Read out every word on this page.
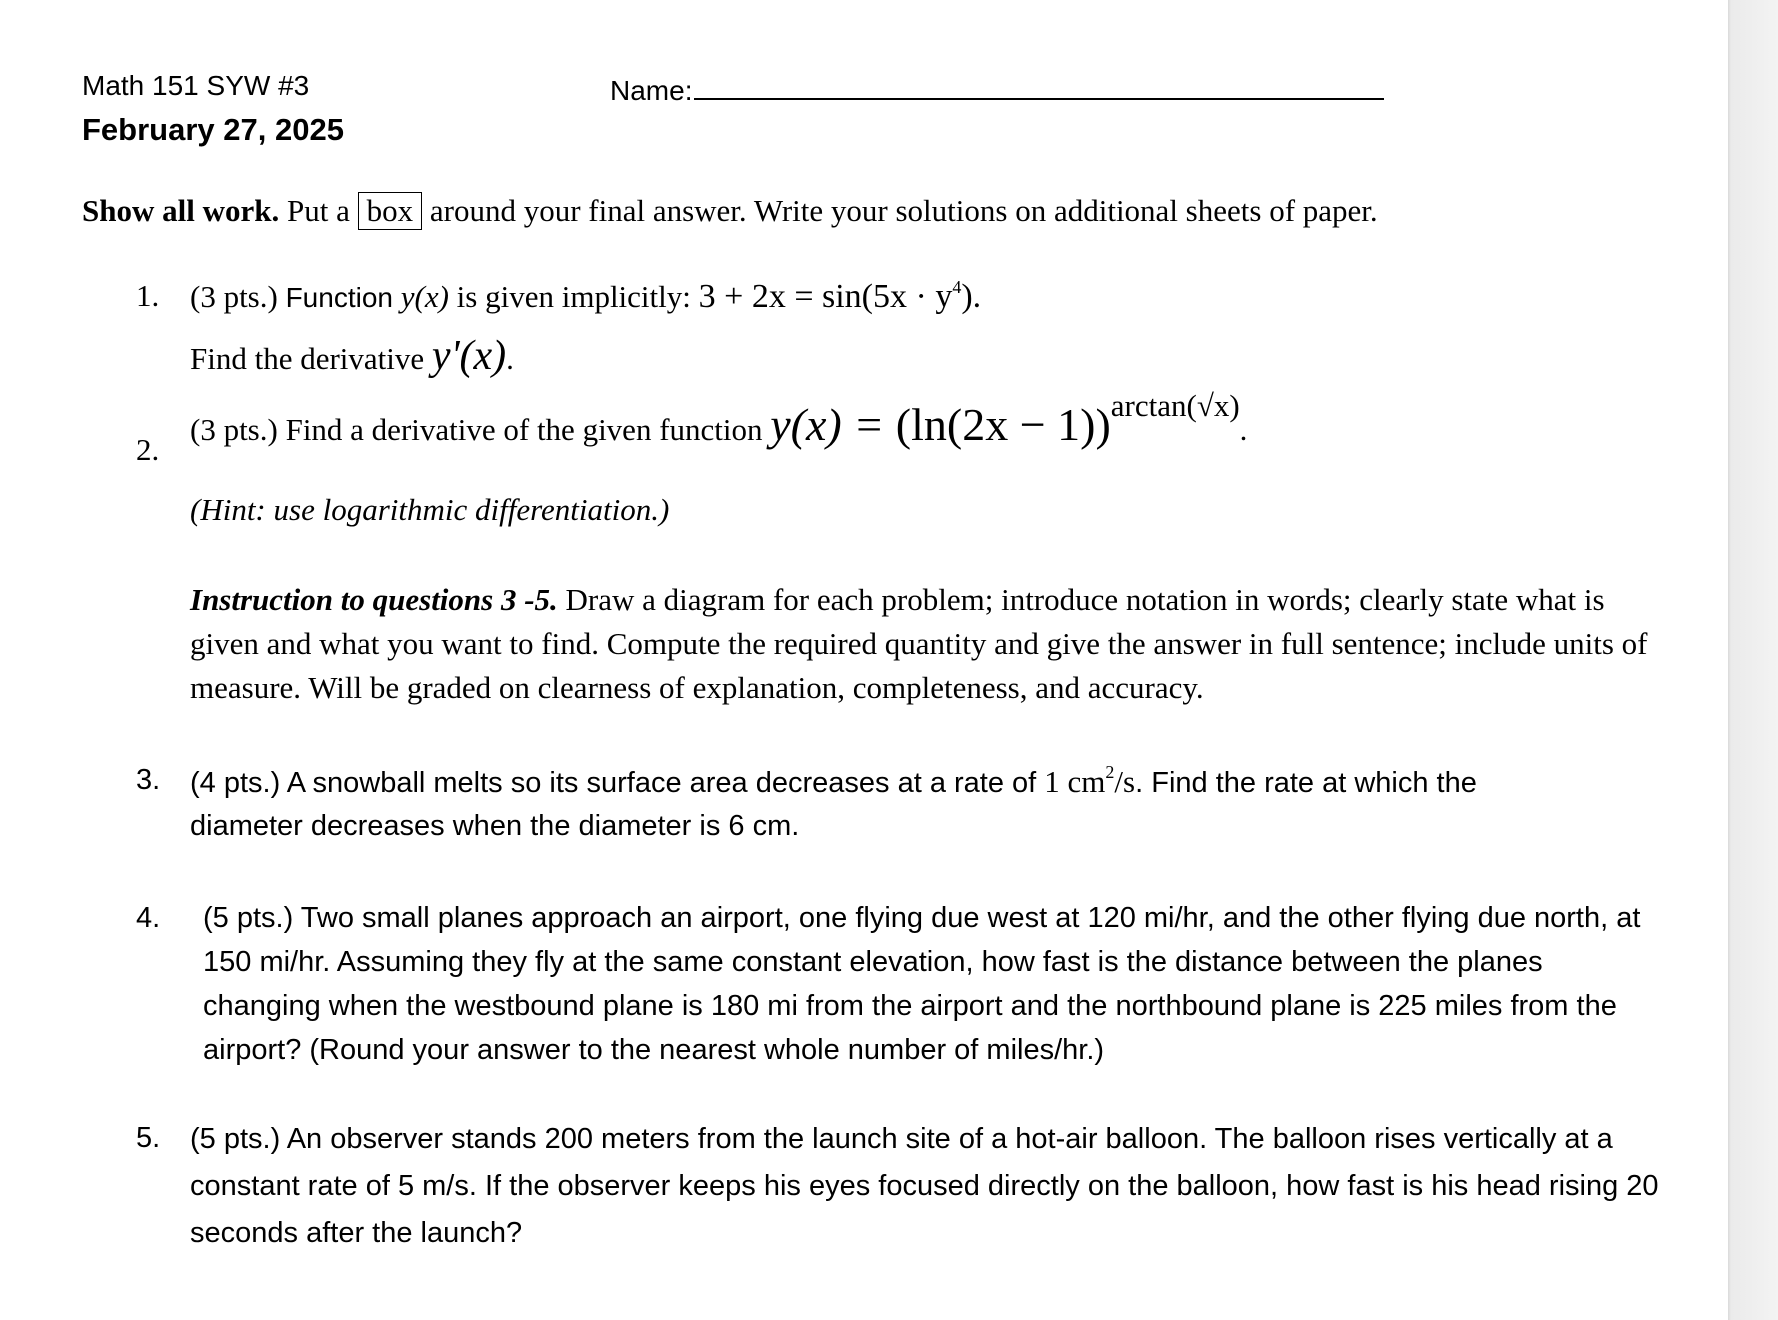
Math 151 SYW #3	Name:
February 27, 2025
Show all work. Put a box around your final answer. Write your solutions on additional sheets of paper.
1. (3 pts.) Function y(x) is given implicitly: $3 + 2x = \sin(5x \cdot y^4)$.
Find the derivative y'(x).
2.
(3 pts.) Find a derivative of the given function y(x) = (ln(2x − 1))arctan(√x).
(Hint: use logarithmic differentiation.)
Instruction to questions 3 -5. Draw a diagram for each problem; introduce notation in words; clearly state what is given and what you want to find. Compute the required quantity and give the answer in full sentence; include units of measure. Will be graded on clearness of explanation, completeness, and accuracy.
3. (4 pts.) A snowball melts so its surface area decreases at a rate of 1 $cm^2/s$. Find the rate at which the
diameter decreases when the diameter is 6 cm.
4. (5 pts.) Two small planes approach an airport, one flying due west at 120 mi/hr, and the other flying due north, at 150 mi/hr. Assuming they fly at the same constant elevation, how fast is the distance between the planes changing when the westbound plane is 180 mi from the airport and the northbound plane is 225 miles from the airport? (Round your answer to the nearest whole number of miles/hr.)
5. (5 pts.) An observer stands 200 meters from the launch site of a hot-air balloon. The balloon rises vertically at a constant rate of 5 m/s. If the observer keeps his eyes focused directly on the balloon, how fast is his head rising 20 seconds after the launch?
